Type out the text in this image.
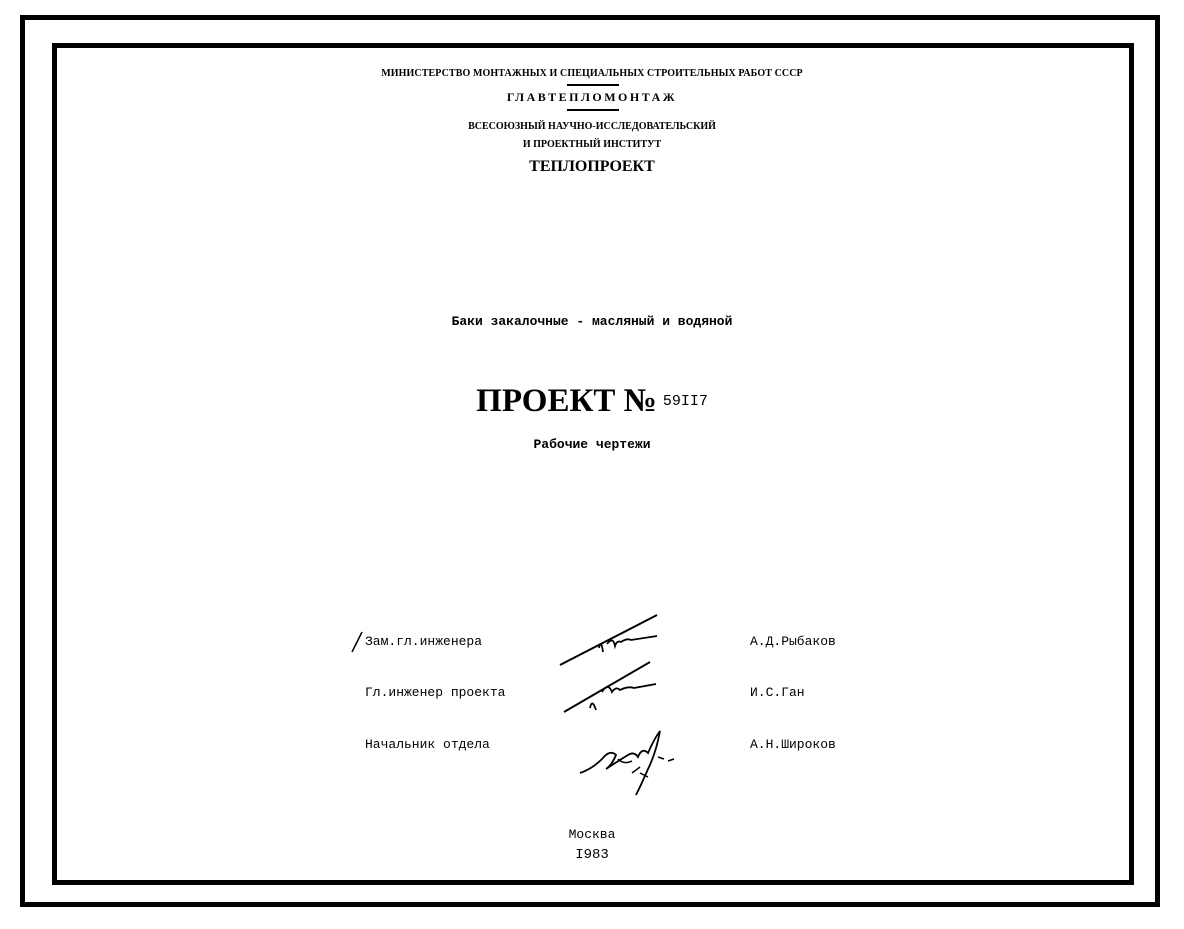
МИНИСТЕРСТВО МОНТАЖНЫХ И СПЕЦИАЛЬНЫХ СТРОИТЕЛЬНЫХ РАБОТ СССР
ГЛАВТЕПЛОМОНТАЖ
ВСЕСОЮЗНЫЙ НАУЧНО-ИССЛЕДОВАТЕЛЬСКИЙ
И ПРОЕКТНЫЙ ИНСТИТУТ
ТЕПЛОПРОЕКТ
Баки закалочные - масляный и водяной
ПРОЕКТ № 59II7
Рабочие чертежи
Зам.гл.инженера	А.Д.Рыбаков
Гл.инженер проекта	И.С.Ган
Начальник отдела	А.Н.Широков
Москва
I983
